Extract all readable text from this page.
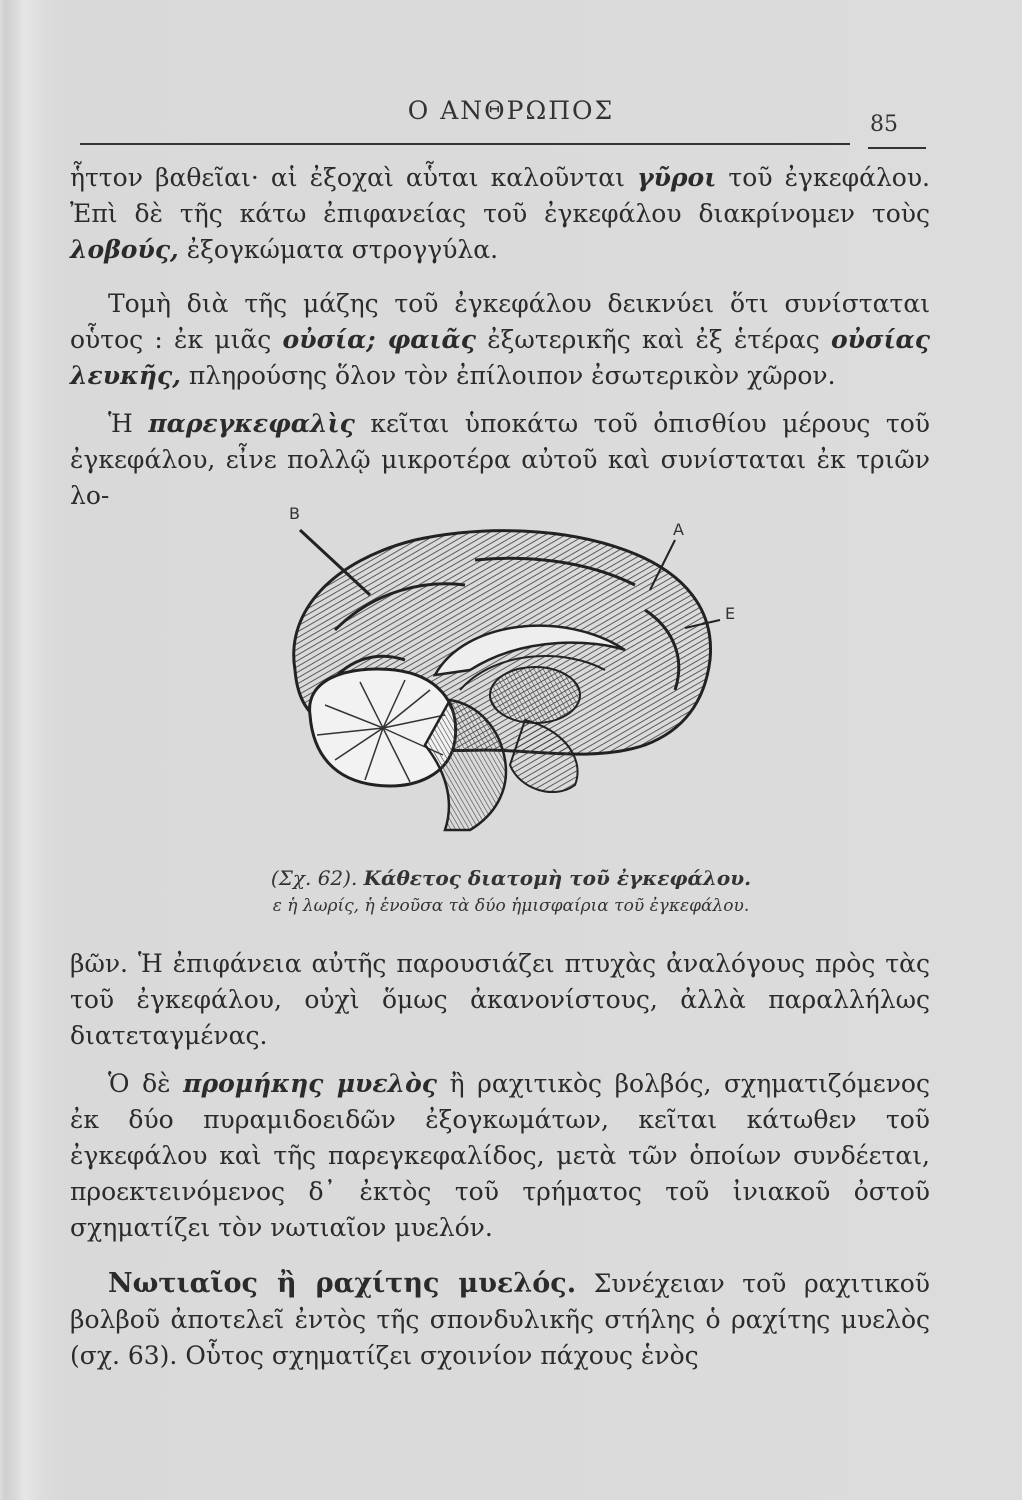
Ο ΑΝΘΡΩΠΟΣ	85

ἧττον βαθεῖαι· αἱ ἐξοχαὶ αὗται καλοῦνται γῦροι τοῦ ἐγκεφάλου. Ἐπὶ δὲ τῆς κάτω ἐπιφανείας τοῦ ἐγκεφάλου διακρίνομεν τοὺς λοβούς, ἐξογκώματα στρογγύλα.

Τομὴ διὰ τῆς μάζης τοῦ ἐγκεφάλου δεικνύει ὅτι συνίσταται οὗτος : ἐκ μιᾶς οὐσία; φαιᾶς ἐξωτερικῆς καὶ ἐξ ἑτέρας οὐσίας λευκῆς, πληρούσης ὅλον τὸν ἐπίλοιπον ἐσωτερικὸν χῶρον.

Ἡ παρεγκεφαλὶς κεῖται ὑποκάτω τοῦ ὀπισθίου μέρους τοῦ ἐγκεφάλου, εἶνε πολλῷ μικροτέρα αὐτοῦ καὶ συνίσταται ἐκ τριῶν λο-

B
A
E
(Σχ. 62). Κάθετος διατομὴ τοῦ ἐγκεφάλου.
ε ἡ λωρίς, ἡ ἑνοῦσα τὰ δύο ἡμισφαίρια τοῦ ἐγκεφάλου.

βῶν. Ἡ ἐπιφάνεια αὐτῆς παρουσιάζει πτυχὰς ἀναλόγους πρὸς τὰς τοῦ ἐγκεφάλου, οὐχὶ ὅμως ἀκανονίστους, ἀλλὰ παραλλήλως διατεταγμένας.

Ὁ δὲ προμήκης μυελὸς ἢ ραχιτικὸς βολβός, σχηματιζόμενος ἐκ δύο πυραμιδοειδῶν ἐξογκωμάτων, κεῖται κάτωθεν τοῦ ἐγκεφάλου καὶ τῆς παρεγκεφαλίδος, μετὰ τῶν ὁποίων συνδέεται, προεκτεινόμενος δ᾽ ἐκτὸς τοῦ τρήματος τοῦ ἰνιακοῦ ὀστοῦ σχηματίζει τὸν νωτιαῖον μυελόν.

Νωτιαῖος ἢ ραχίτης μυελός. Συνέχειαν τοῦ ραχιτικοῦ βολβοῦ ἀποτελεῖ ἐντὸς τῆς σπονδυλικῆς στήλης ὁ ραχίτης μυελὸς (σχ. 63). Οὗτος σχηματίζει σχοινίον πάχους ἑνὸς
